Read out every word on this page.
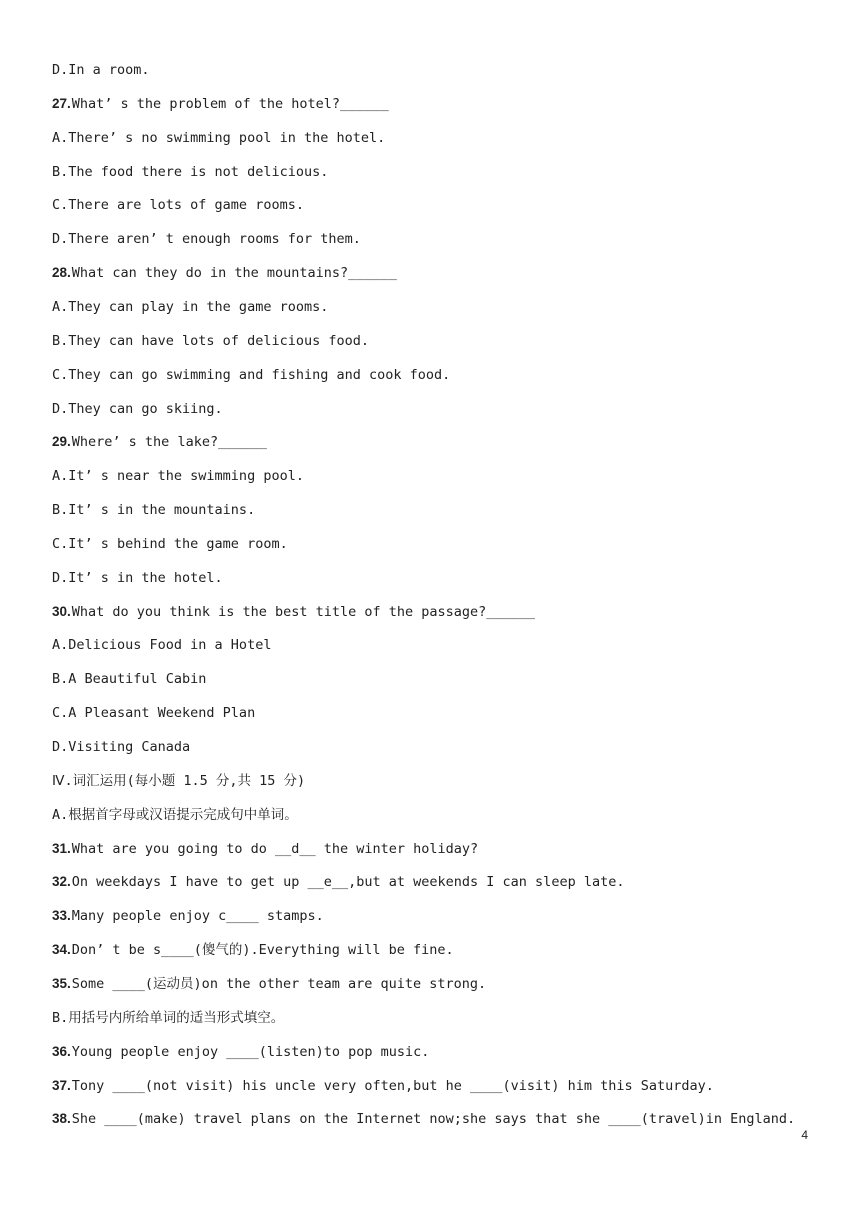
D.In a room.
27.What’ s the problem of the hotel?______
A.There’ s no swimming pool in the hotel.
B.The food there is not delicious.
C.There are lots of game rooms.
D.There aren’ t enough rooms for them.
28.What can they do in the mountains?______
A.They can play in the game rooms.
B.They can have lots of delicious food.
C.They can go swimming and fishing and cook food.
D.They can go skiing.
29.Where’ s the lake?______
A.It’ s near the swimming pool.
B.It’ s in the mountains.
C.It’ s behind the game room.
D.It’ s in the hotel.
30.What do you think is the best title of the passage?______
A.Delicious Food in a Hotel
B.A Beautiful Cabin
C.A Pleasant Weekend Plan
D.Visiting Canada
Ⅳ.词汇运用(每小题 1.5 分,共 15 分)
A.根据首字母或汉语提示完成句中单词。
31.What are you going to do __d__ the winter holiday?
32.On weekdays I have to get up __e__,but at weekends I can sleep late.
33.Many people enjoy c____ stamps.
34.Don’ t be s____(傻气的).Everything will be fine.
35.Some ____(运动员)on the other team are quite strong.
B.用括号内所给单词的适当形式填空。
36.Young people enjoy ____(listen)to pop music.
37.Tony ____(not visit) his uncle very often,but he ____(visit) him this Saturday.
38.She ____(make) travel plans on the Internet now;she says that she ____(travel)in England.
4
